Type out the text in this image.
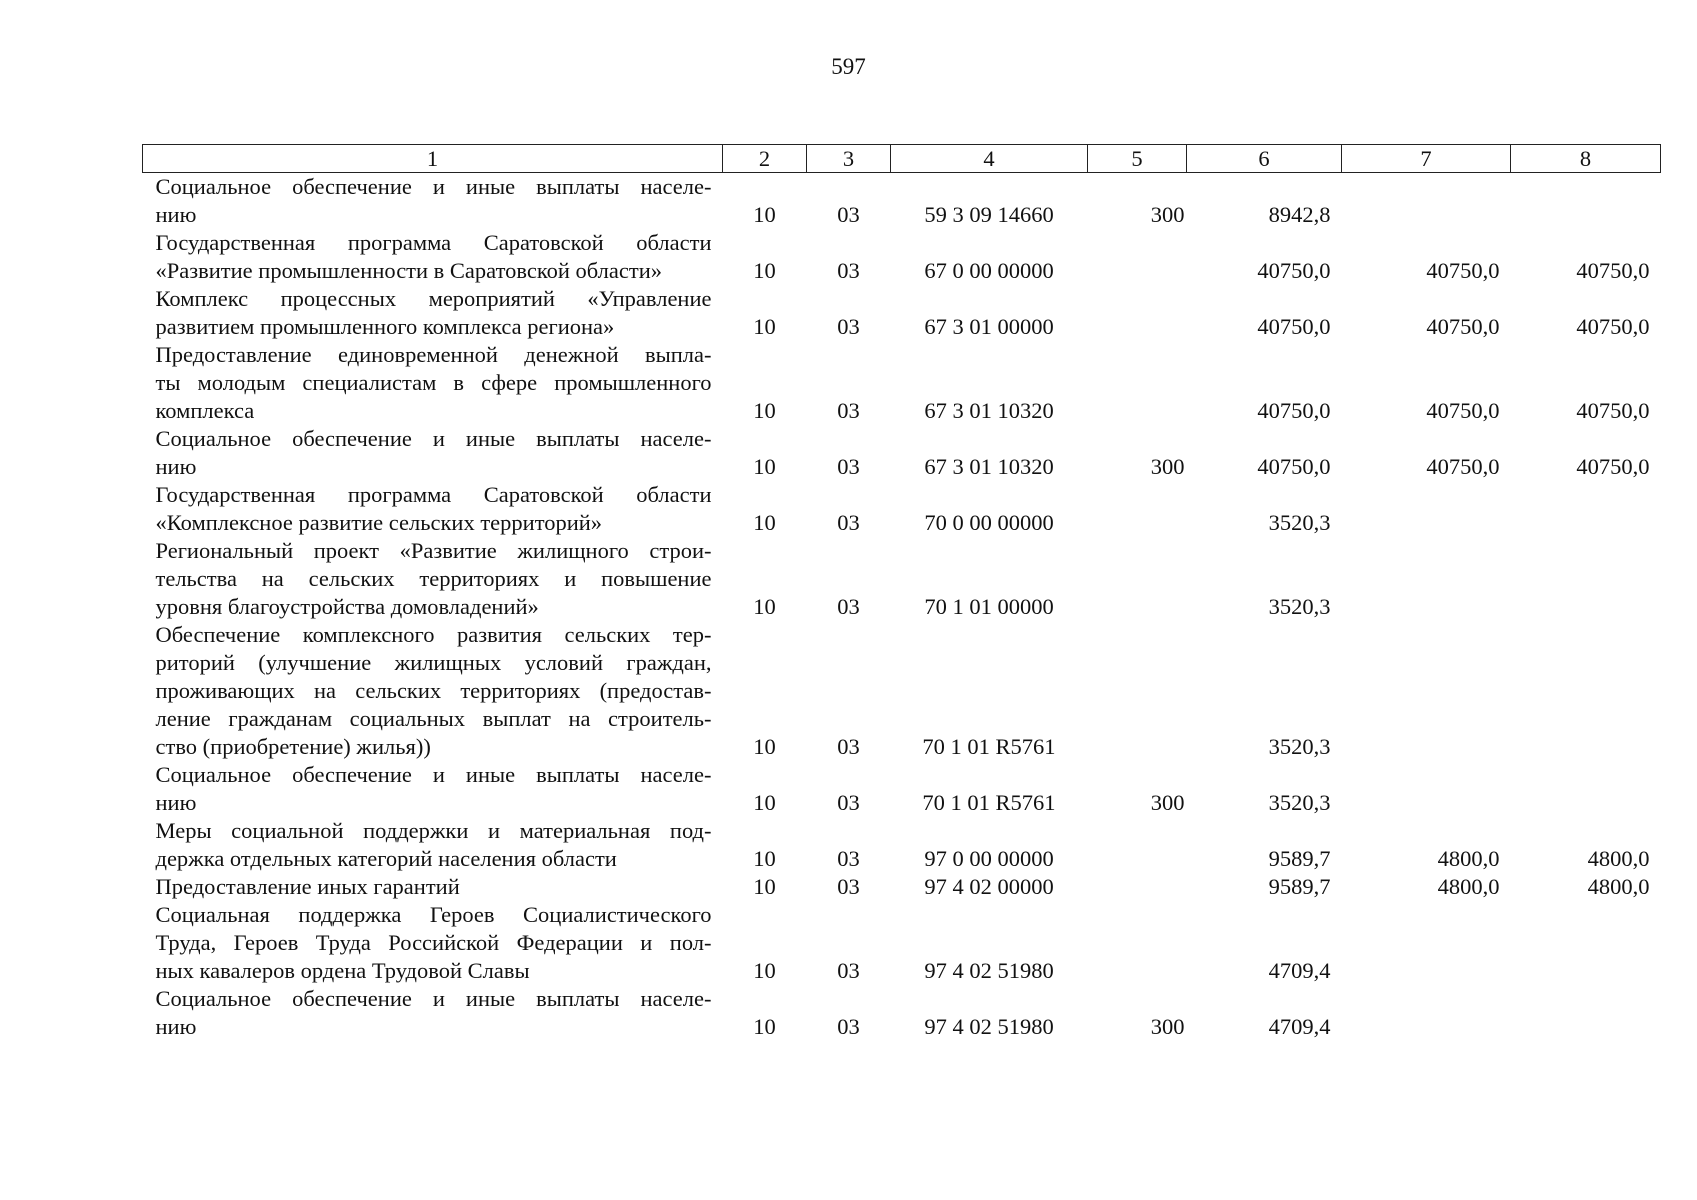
597
1	2	3	4	5	6	7	8

Социальное обеспечение и иные выплаты населе-
нию	10	03	59 3 09 14660	300	8942,8		

Государственная программа Саратовской области
«Развитие промышленности в Саратовской области»	10	03	67 0 00 00000		40750,0	40750,0	40750,0

Комплекс процессных мероприятий «Управление
развитием промышленного комплекса региона»	10	03	67 3 01 00000		40750,0	40750,0	40750,0

Предоставление единовременной денежной выпла-
ты молодым специалистам в сфере промышленного
комплекса	10	03	67 3 01 10320		40750,0	40750,0	40750,0

Социальное обеспечение и иные выплаты населе-
нию	10	03	67 3 01 10320	300	40750,0	40750,0	40750,0

Государственная программа Саратовской области
«Комплексное развитие сельских территорий»	10	03	70 0 00 00000		3520,3		

Региональный проект «Развитие жилищного строи-
тельства на сельских территориях и повышение
уровня благоустройства домовладений»	10	03	70 1 01 00000		3520,3		

Обеспечение комплексного развития сельских тер-
риторий (улучшение жилищных условий граждан,
проживающих на сельских территориях (предостав-
ление гражданам социальных выплат на строитель-
ство (приобретение) жилья))	10	03	70 1 01 R5761		3520,3		

Социальное обеспечение и иные выплаты населе-
нию	10	03	70 1 01 R5761	300	3520,3		

Меры социальной поддержки и материальная под-
держка отдельных категорий населения области	10	03	97 0 00 00000		9589,7	4800,0	4800,0

Предоставление иных гарантий	10	03	97 4 02 00000		9589,7	4800,0	4800,0

Социальная поддержка Героев Социалистического
Труда, Героев Труда Российской Федерации и пол-
ных кавалеров ордена Трудовой Славы	10	03	97 4 02 51980		4709,4		

Социальное обеспечение и иные выплаты населе-
нию	10	03	97 4 02 51980	300	4709,4		
